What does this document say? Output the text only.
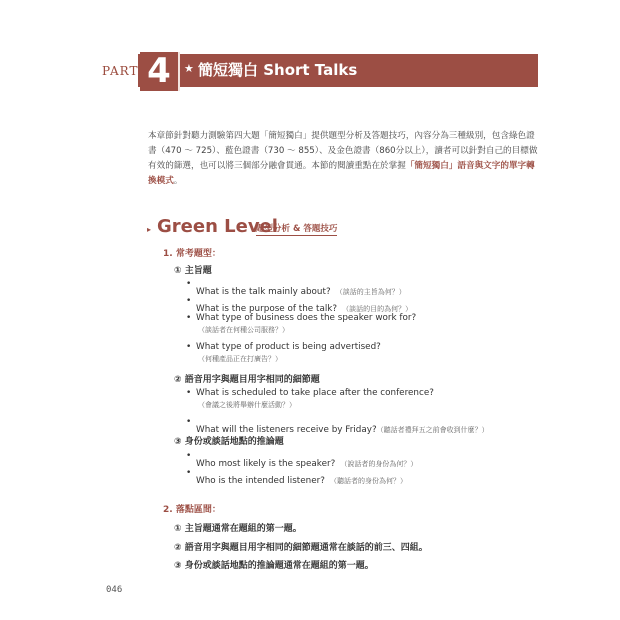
PART 4	★ 簡短獨白 Short Talks
本章節針對聽力測驗第四大題「簡短獨白」提供題型分析及答題技巧，內容分為三種級別，包含綠色證書（470 ～ 725）、藍色證書（730 ～ 855）、及金色證書（860分以上），讀者可以針對自己的目標做有效的篩選，也可以將三個部分融會貫通。本節的閱讀重點在於掌握「簡短獨白」語音與文字的單字轉換模式。
▸ Green Level
題型分析 & 答題技巧
1. 常考題型：
① 主旨題
•
What is the talk mainly about? （談話的主旨為何？）
•
What is the purpose of the talk? （談話的目的為何？）
• What type of business does the speaker work for?
（談話者在何種公司服務？）
• What type of product is being advertised?
（何種產品正在打廣告？）
② 語音用字與題目用字相同的細節題
• What is scheduled to take place after the conference?
（會議之後將舉辦什麼活動？）
•
What will the listeners receive by Friday?（聽話者禮拜五之前會收到什麼？）
③ 身份或談話地點的推論題
•
Who most likely is the speaker? （說話者的身份為何？）
•
Who is the intended listener? （聽話者的身份為何？）
2. 落點區間：
① 主旨題通常在題組的第一題。
② 語音用字與題目用字相同的細節題通常在談話的前三、四組。
③ 身份或談話地點的推論題通常在題組的第一題。
046
